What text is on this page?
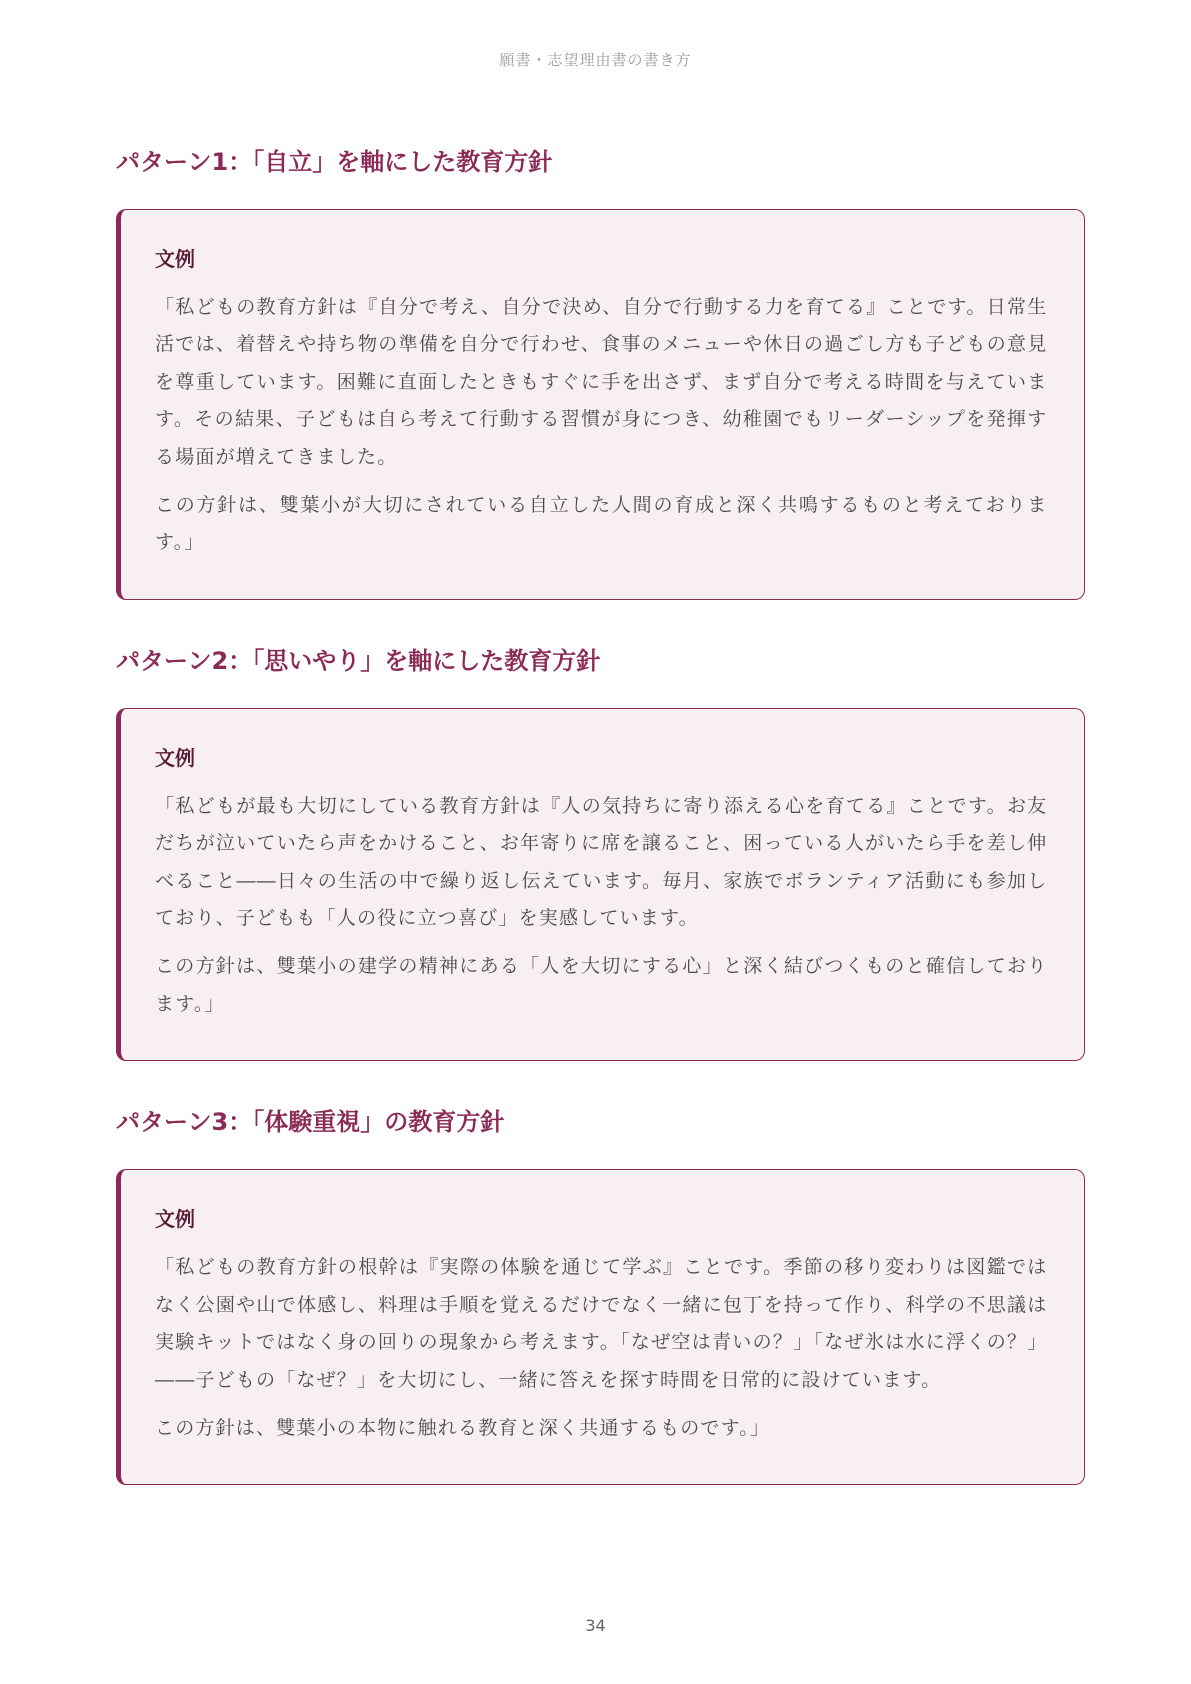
願書・志望理由書の書き方
パターン1：「自立」を軸にした教育方針
文例

「私どもの教育方針は『自分で考え、自分で決め、自分で行動する力を育てる』ことです。日常生活では、着替えや持ち物の準備を自分で行わせ、食事のメニューや休日の過ごし方も子どもの意見を尊重しています。困難に直面したときもすぐに手を出さず、まず自分で考える時間を与えています。その結果、子どもは自ら考えて行動する習慣が身につき、幼稚園でもリーダーシップを発揮する場面が増えてきました。

この方針は、雙葉小が大切にされている自立した人間の育成と深く共鳴するものと考えております。」

パターン2：「思いやり」を軸にした教育方針
文例

「私どもが最も大切にしている教育方針は『人の気持ちに寄り添える心を育てる』ことです。お友だちが泣いていたら声をかけること、お年寄りに席を譲ること、困っている人がいたら手を差し伸べること――日々の生活の中で繰り返し伝えています。毎月、家族でボランティア活動にも参加しており、子どもも「人の役に立つ喜び」を実感しています。

この方針は、雙葉小の建学の精神にある「人を大切にする心」と深く結びつくものと確信しております。」

パターン3：「体験重視」の教育方針
文例

「私どもの教育方針の根幹は『実際の体験を通じて学ぶ』ことです。季節の移り変わりは図鑑ではなく公園や山で体感し、料理は手順を覚えるだけでなく一緒に包丁を持って作り、科学の不思議は実験キットではなく身の回りの現象から考えます。「なぜ空は青いの？」「なぜ氷は水に浮くの？」――子どもの「なぜ？」を大切にし、一緒に答えを探す時間を日常的に設けています。

この方針は、雙葉小の本物に触れる教育と深く共通するものです。」

34
